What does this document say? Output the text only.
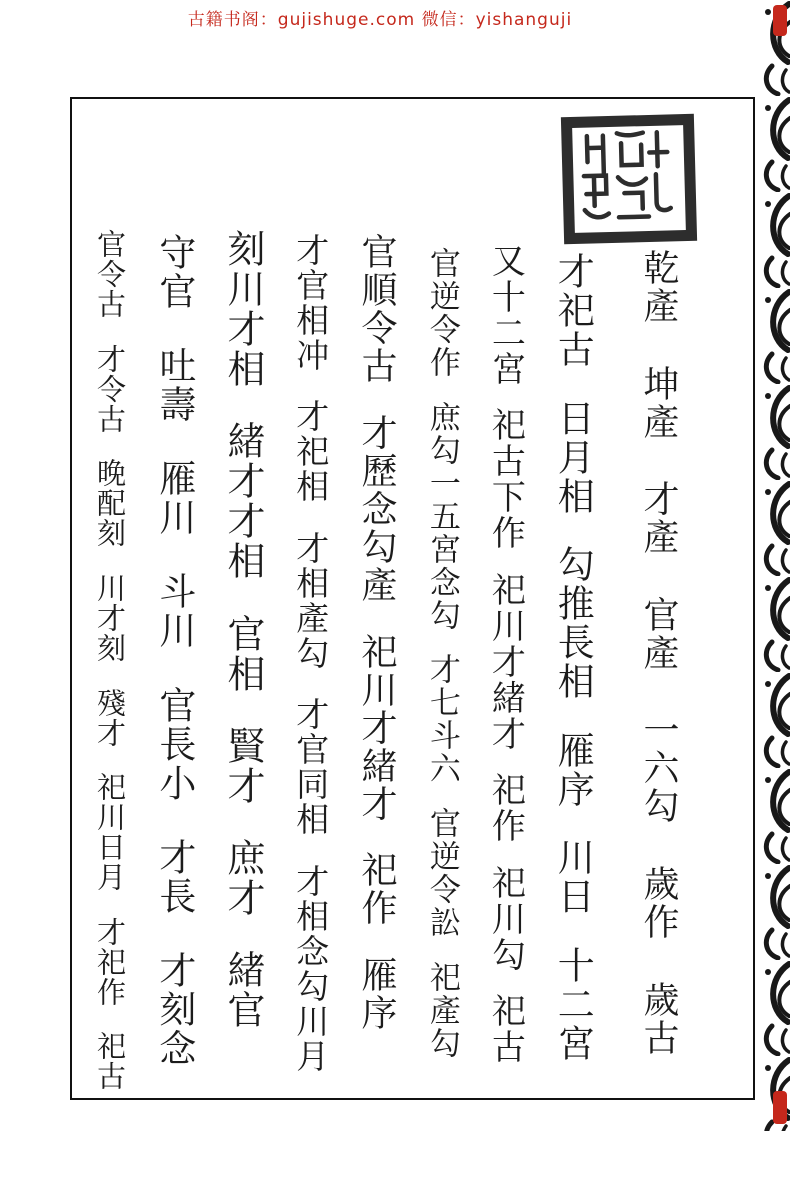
古籍书阁：gujishuge.com 微信：yishanguji
乾產坤產才產官產一六勾歲作歲古
才祀古日月相勾推長相雁序川日十二宮
又十二宮祀古下作祀川才緒才祀作祀川勾祀古
官逆令作庶勾一五宮念勾才七斗六官逆令訟祀產勾
官順令古才歷念勾產祀川才緒才祀作雁序
才官相冲才祀相才相產勾才官同相才相念勾川月
刻川才相緒才才相官相賢才庶才緒官
守官吐壽雁川斗川官長小才長才刻念
官令古才令古晚配刻川才刻殘才祀川日月才祀作祀古
